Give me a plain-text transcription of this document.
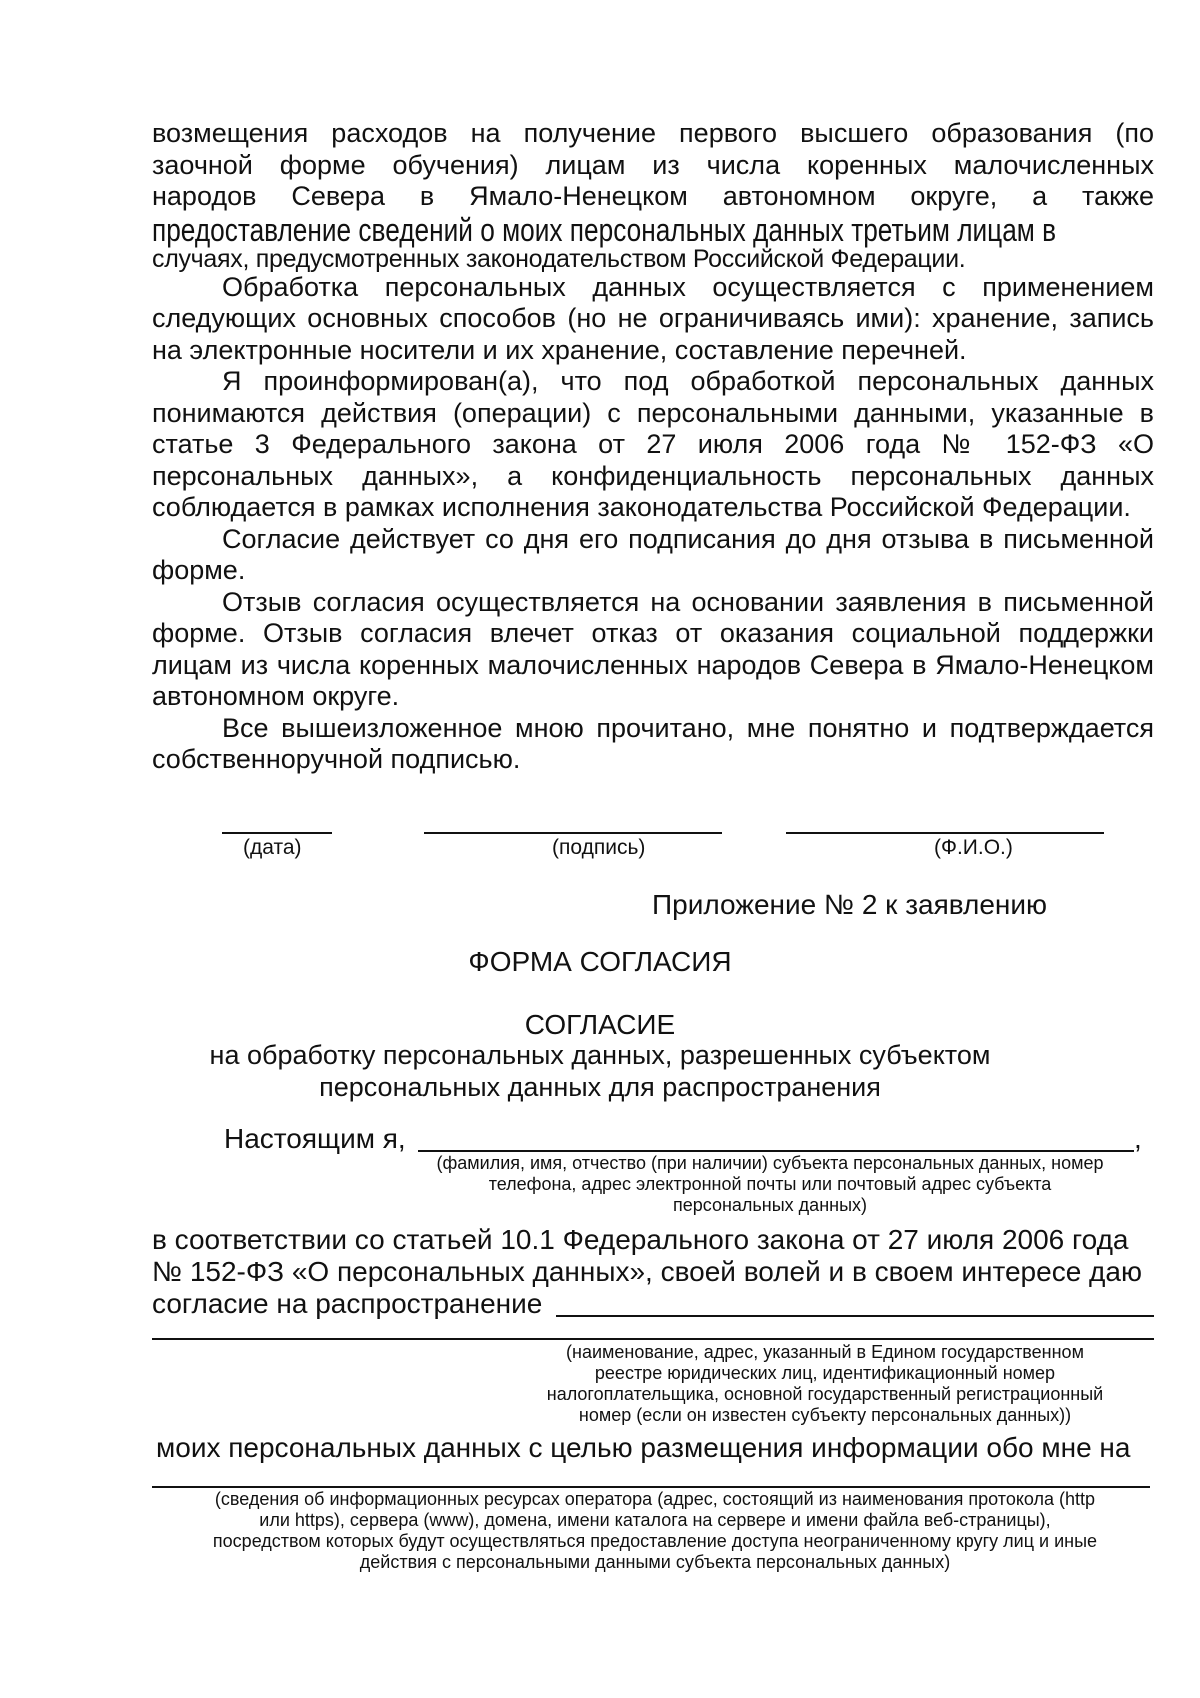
возмещения расходов на получение первого высшего образования (по

заочной форме обучения) лицам из числа коренных малочисленных

народов Севера в Ямало-Ненецком автономном округе, а также

предоставление сведений о моих персональных данных третьим лицам в

случаях, предусмотренных законодательством Российской Федерации.

Обработка персональных данных осуществляется с применением следующих основных способов (но не ограничиваясь ими): хранение, запись на электронные носители и их хранение, составление перечней.

Я проинформирован(а), что под обработкой персональных данных понимаются действия (операции) с персональными данными, указанные в статье 3 Федерального закона от 27 июля 2006 года № 152-ФЗ «О персональных данных», а конфиденциальность персональных данных соблюдается в рамках исполнения законодательства Российской Федерации.

Согласие действует со дня его подписания до дня отзыва в письменной форме.

Отзыв согласия осуществляется на основании заявления в письменной форме. Отзыв согласия влечет отказ от оказания социальной поддержки лицам из числа коренных малочисленных народов Севера в Ямало-Ненецком автономном округе.

Все вышеизложенное мною прочитано, мне понятно и подтверждается собственноручной подписью.

(дата)	(подпись)	(Ф.И.О.)
Приложение № 2 к заявлению
ФОРМА СОГЛАСИЯ
СОГЛАСИЕ
на обработку персональных данных, разрешенных субъектом
персональных данных для распространения
Настоящим я,	,
(фамилия, имя, отчество (при наличии) субъекта персональных данных, номер
телефона, адрес электронной почты или почтовый адрес субъекта
персональных данных)
в соответствии со статьей 10.1 Федерального закона от 27 июля 2006 года
№ 152-ФЗ «О персональных данных», своей волей и в своем интересе даю
согласие на распространение
(наименование, адрес, указанный в Едином государственном
реестре юридических лиц, идентификационный номер
налогоплательщика, основной государственный регистрационный
номер (если он известен субъекту персональных данных))
моих персональных данных с целью размещения информации обо мне на
(сведения об информационных ресурсах оператора (адрес, состоящий из наименования протокола (http
или https), сервера (www), домена, имени каталога на сервере и имени файла веб-страницы),
посредством которых будут осуществляться предоставление доступа неограниченному кругу лиц и иные
действия с персональными данными субъекта персональных данных)
